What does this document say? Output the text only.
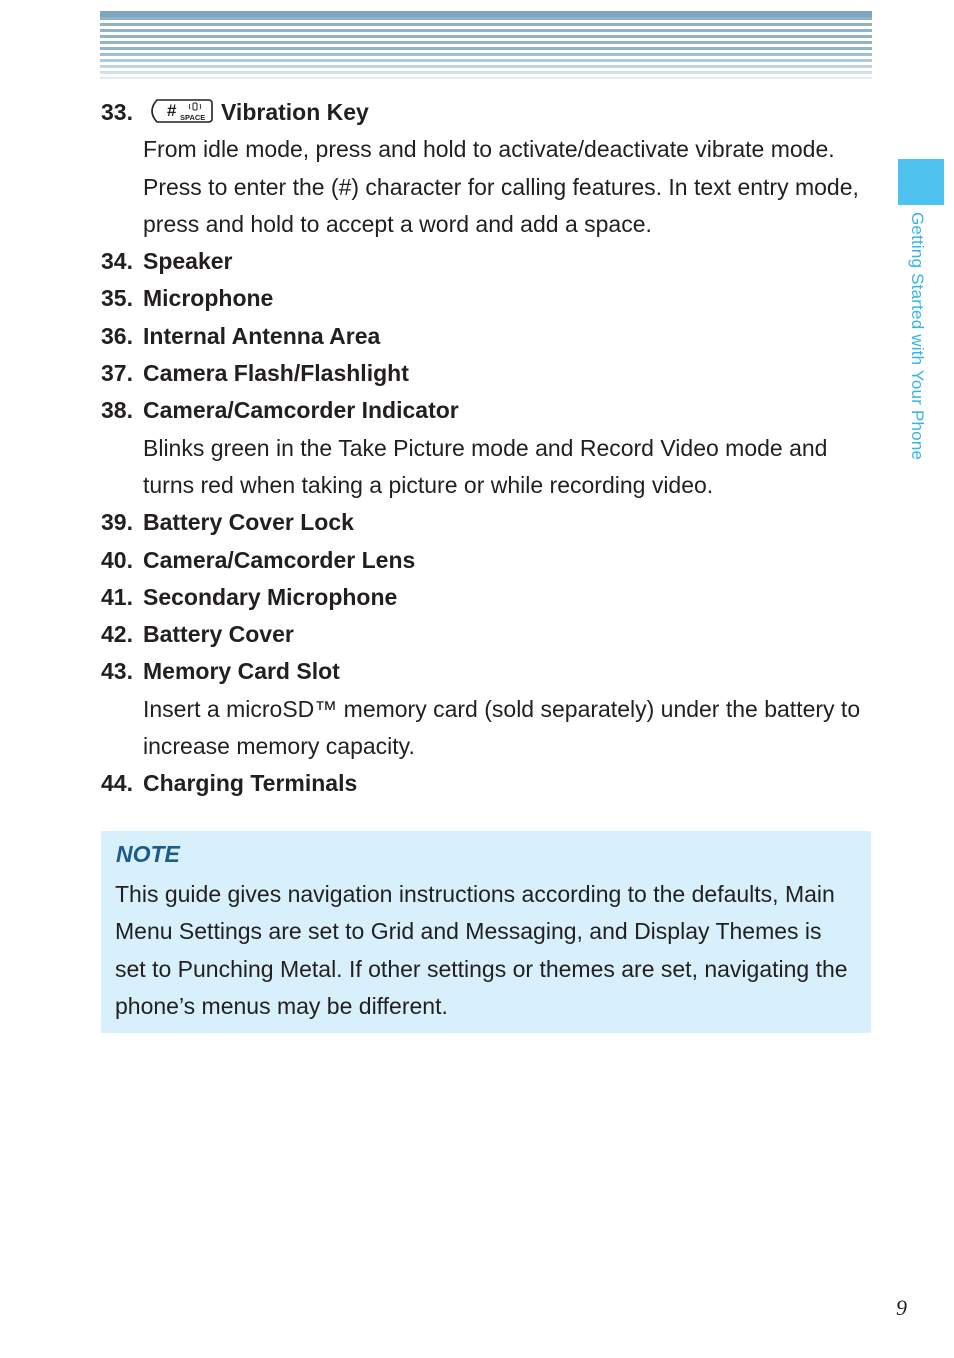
Getting Started with Your Phone
33. # SPACE Vibration Key
From idle mode, press and hold to activate/deactivate vibrate mode. Press to enter the (#) character for calling features. In text entry mode, press and hold to accept a word and add a space.
34. Speaker
35. Microphone
36. Internal Antenna Area
37. Camera Flash/Flashlight
38. Camera/Camcorder Indicator
Blinks green in the Take Picture mode and Record Video mode and turns red when taking a picture or while recording video.
39. Battery Cover Lock
40. Camera/Camcorder Lens
41. Secondary Microphone
42. Battery Cover
43. Memory Card Slot
Insert a microSD™ memory card (sold separately) under the battery to increase memory capacity.
44. Charging Terminals
NOTE
This guide gives navigation instructions according to the defaults, Main Menu Settings are set to Grid and Messaging, and Display Themes is set to Punching Metal. If other settings or themes are set, navigating the phone’s menus may be different.
9
